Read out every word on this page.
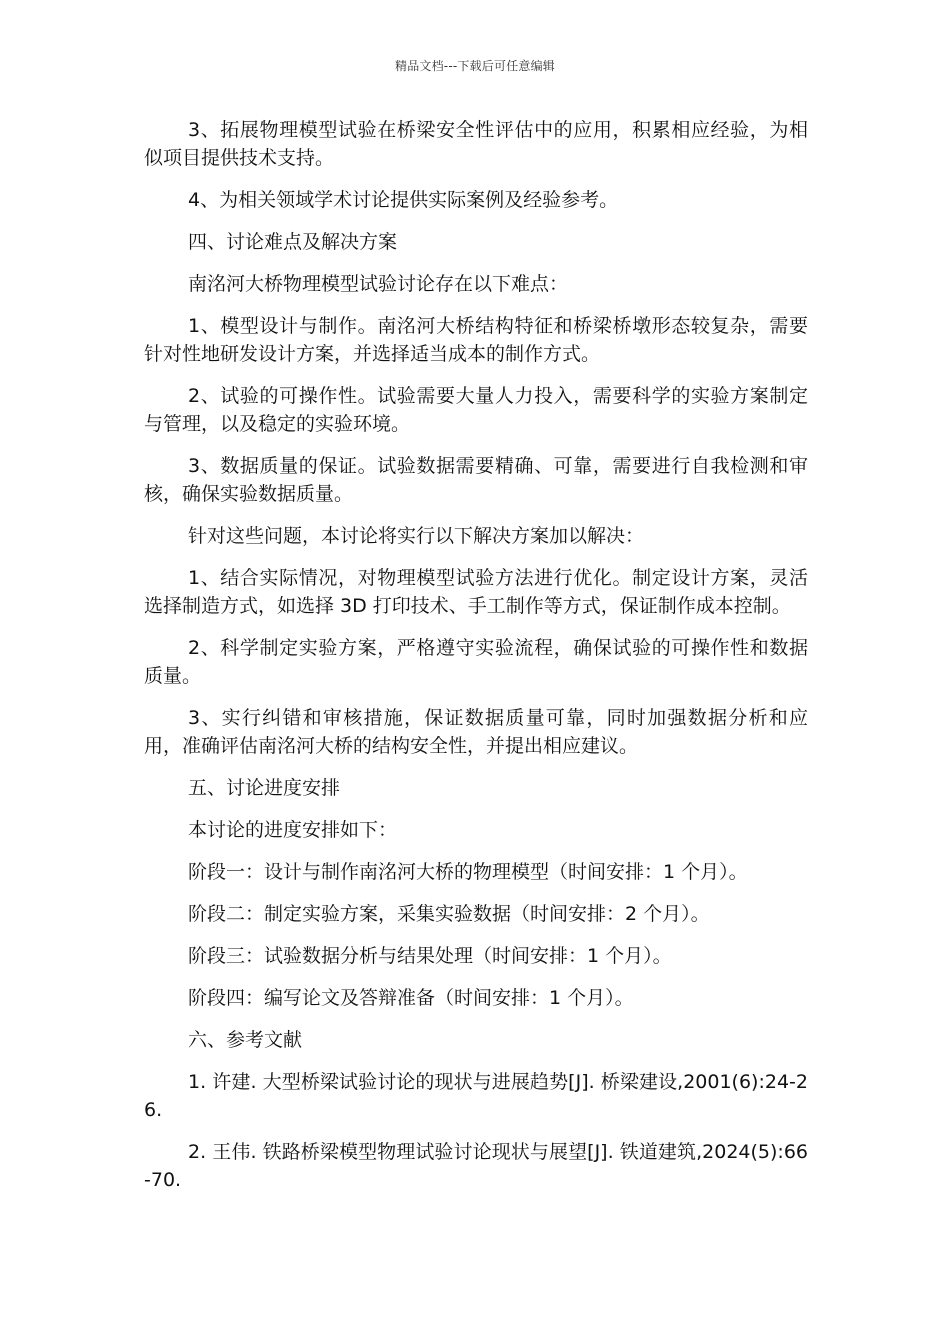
精品文档---下载后可任意编辑

3、拓展物理模型试验在桥梁安全性评估中的应用，积累相应经验，为相似项目提供技术支持。

4、为相关领域学术讨论提供实际案例及经验参考。

四、讨论难点及解决方案

南洺河大桥物理模型试验讨论存在以下难点：

1、模型设计与制作。南洺河大桥结构特征和桥梁桥墩形态较复杂，需要针对性地研发设计方案，并选择适当成本的制作方式。

2、试验的可操作性。试验需要大量人力投入，需要科学的实验方案制定与管理，以及稳定的实验环境。

3、数据质量的保证。试验数据需要精确、可靠，需要进行自我检测和审核，确保实验数据质量。

针对这些问题，本讨论将实行以下解决方案加以解决：

1、结合实际情况，对物理模型试验方法进行优化。制定设计方案，灵活选择制造方式，如选择 3D 打印技术、手工制作等方式，保证制作成本控制。

2、科学制定实验方案，严格遵守实验流程，确保试验的可操作性和数据质量。

3、实行纠错和审核措施，保证数据质量可靠，同时加强数据分析和应用，准确评估南洺河大桥的结构安全性，并提出相应建议。

五、讨论进度安排

本讨论的进度安排如下：

阶段一：设计与制作南洺河大桥的物理模型（时间安排：1 个月）。

阶段二：制定实验方案，采集实验数据（时间安排：2 个月）。

阶段三：试验数据分析与结果处理（时间安排：1 个月）。

阶段四：编写论文及答辩准备（时间安排：1 个月）。

六、参考文献

1. 许建. 大型桥梁试验讨论的现状与进展趋势[J]. 桥梁建设,2001(6):24-26.

2. 王伟. 铁路桥梁模型物理试验讨论现状与展望[J]. 铁道建筑,2024(5):66-70.
